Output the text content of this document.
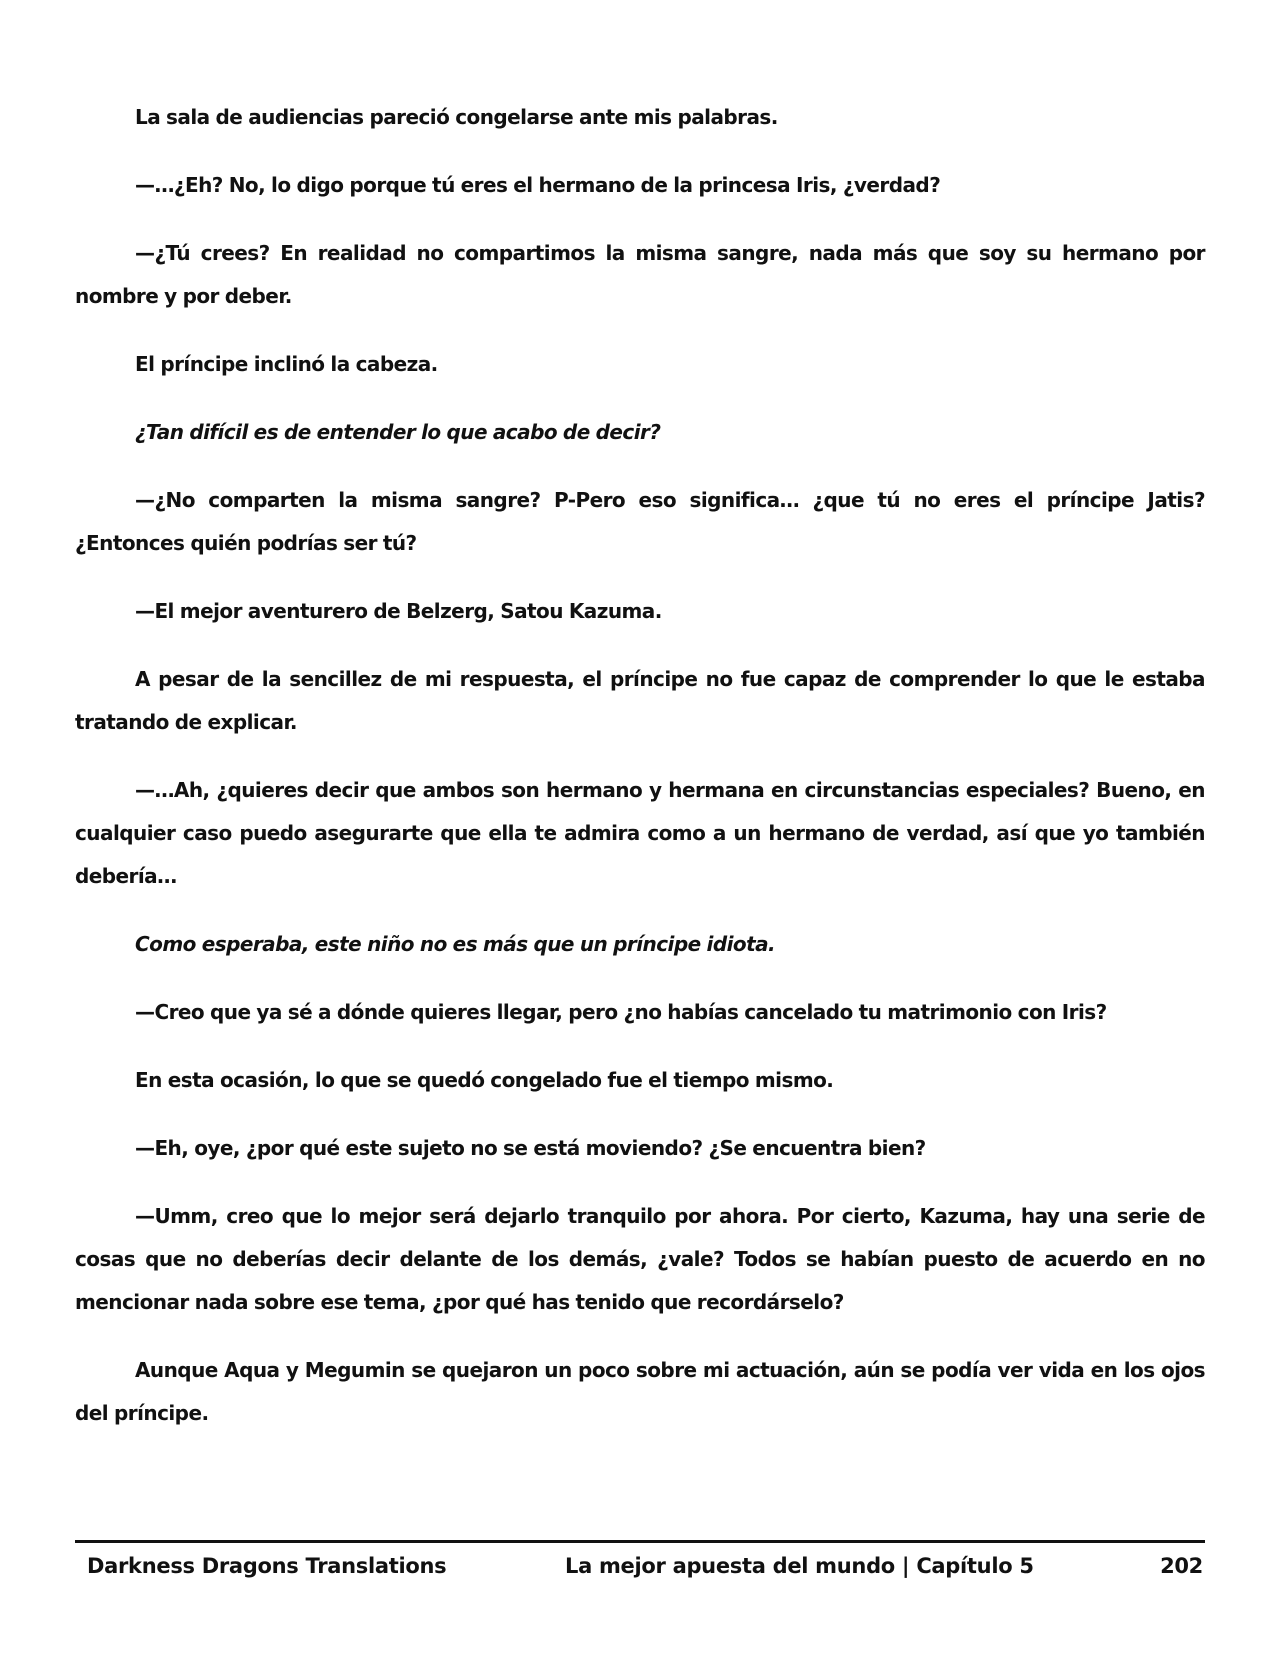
La sala de audiencias pareció congelarse ante mis palabras.

—…¿Eh? No, lo digo porque tú eres el hermano de la princesa Iris, ¿verdad?

—¿Tú crees? En realidad no compartimos la misma sangre, nada más que soy su hermano por nombre y por deber.

El príncipe inclinó la cabeza.

¿Tan difícil es de entender lo que acabo de decir?

—¿No comparten la misma sangre? P-Pero eso significa… ¿que tú no eres el príncipe Jatis? ¿Entonces quién podrías ser tú?

—El mejor aventurero de Belzerg, Satou Kazuma.

A pesar de la sencillez de mi respuesta, el príncipe no fue capaz de comprender lo que le estaba tratando de explicar.

—…Ah, ¿quieres decir que ambos son hermano y hermana en circunstancias especiales? Bueno, en cualquier caso puedo asegurarte que ella te admira como a un hermano de verdad, así que yo también debería…

Como esperaba, este niño no es más que un príncipe idiota.

—Creo que ya sé a dónde quieres llegar, pero ¿no habías cancelado tu matrimonio con Iris?

En esta ocasión, lo que se quedó congelado fue el tiempo mismo.

—Eh, oye, ¿por qué este sujeto no se está moviendo? ¿Se encuentra bien?

—Umm, creo que lo mejor será dejarlo tranquilo por ahora. Por cierto, Kazuma, hay una serie de cosas que no deberías decir delante de los demás, ¿vale? Todos se habían puesto de acuerdo en no mencionar nada sobre ese tema, ¿por qué has tenido que recordárselo?

Aunque Aqua y Megumin se quejaron un poco sobre mi actuación, aún se podía ver vida en los ojos del príncipe.

Darkness Dragons Translations	La mejor apuesta del mundo | Capítulo 5	202
